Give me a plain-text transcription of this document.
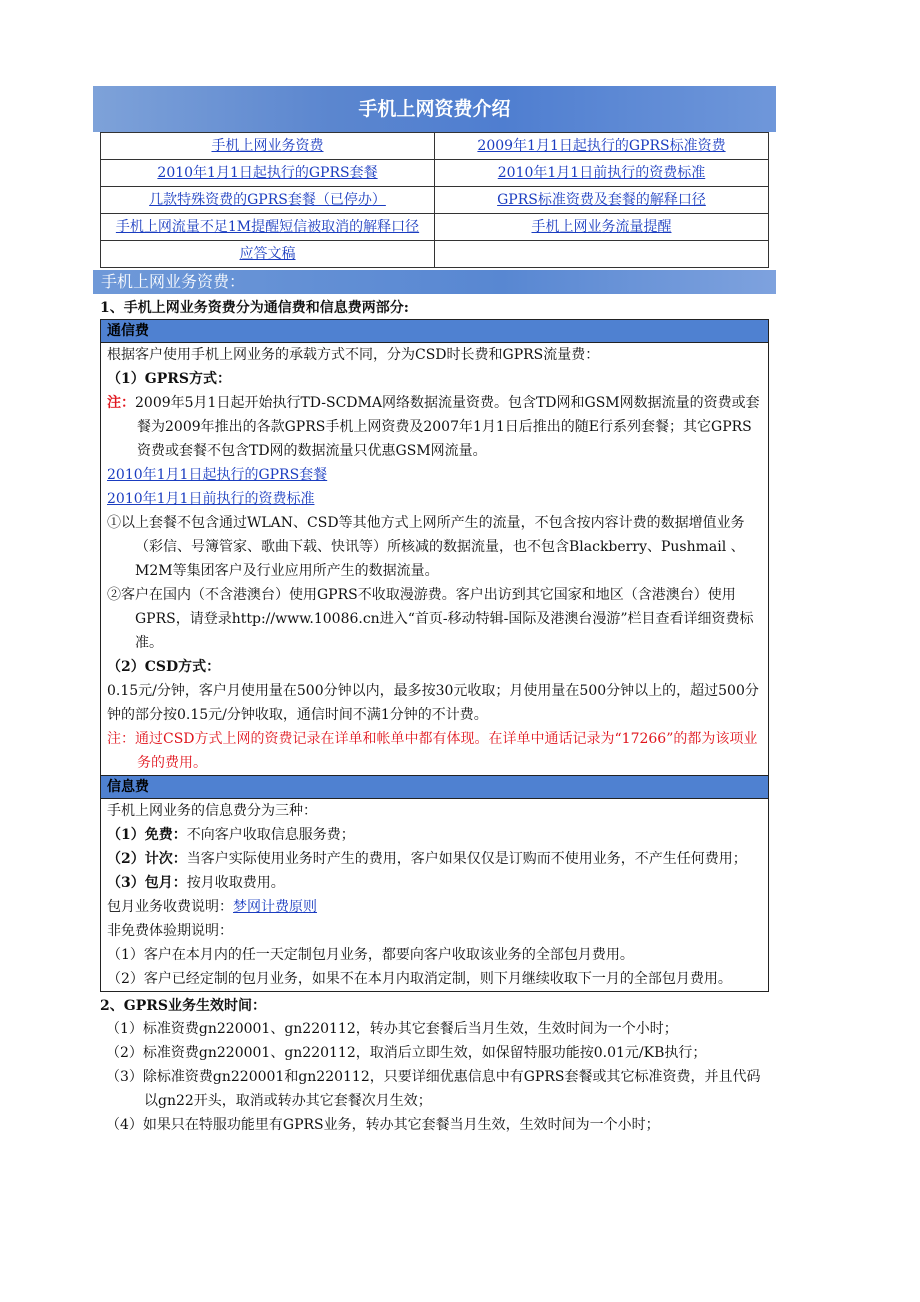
手机上网资费介绍
手机上网业务资费	2009年1月1日起执行的GPRS标准资费
2010年1月1日起执行的GPRS套餐	2010年1月1日前执行的资费标准
几款特殊资费的GPRS套餐（已停办）	GPRS标准资费及套餐的解释口径
手机上网流量不足1M提醒短信被取消的解释口径	手机上网业务流量提醒
应答文稿	
手机上网业务资费：
1、手机上网业务资费分为通信费和信息费两部分:
通信费
根据客户使用手机上网业务的承载方式不同，分为CSD时长费和GPRS流量费：
（1）GPRS方式：
注：2009年5月1日起开始执行TD-SCDMA网络数据流量资费。包含TD网和GSM网数据流量的资费或套餐为2009年推出的各款GPRS手机上网资费及2007年1月1日后推出的随E行系列套餐；其它GPRS资费或套餐不包含TD网的数据流量只优惠GSM网流量。
2010年1月1日起执行的GPRS套餐
2010年1月1日前执行的资费标准
①以上套餐不包含通过WLAN、CSD等其他方式上网所产生的流量，不包含按内容计费的数据增值业务（彩信、号簿管家、歌曲下载、快讯等）所核减的数据流量，也不包含Blackberry、Pushmail 、M2M等集团客户及行业应用所产生的数据流量。
②客户在国内（不含港澳台）使用GPRS不收取漫游费。客户出访到其它国家和地区（含港澳台）使用GPRS，请登录http://www.10086.cn进入“首页-移动特辑-国际及港澳台漫游”栏目查看详细资费标准。
（2）CSD方式：
0.15元/分钟，客户月使用量在500分钟以内，最多按30元收取；月使用量在500分钟以上的，超过500分钟的部分按0.15元/分钟收取，通信时间不满1分钟的不计费。
注：通过CSD方式上网的资费记录在详单和帐单中都有体现。在详单中通话记录为“17266”的都为该项业务的费用。
信息费
手机上网业务的信息费分为三种：
（1）免费：不向客户收取信息服务费；
（2）计次：当客户实际使用业务时产生的费用，客户如果仅仅是订购而不使用业务，不产生任何费用；
（3）包月：按月收取费用。
包月业务收费说明：梦网计费原则
非免费体验期说明：
（1）客户在本月内的任一天定制包月业务，都要向客户收取该业务的全部包月费用。
（2）客户已经定制的包月业务，如果不在本月内取消定制，则下月继续收取下一月的全部包月费用。
2、GPRS业务生效时间：
（1）标准资费gn220001、gn220112，转办其它套餐后当月生效，生效时间为一个小时；
（2）标准资费gn220001、gn220112，取消后立即生效，如保留特服功能按0.01元/KB执行；
（3）除标准资费gn220001和gn220112，只要详细优惠信息中有GPRS套餐或其它标准资费，并且代码以gn22开头，取消或转办其它套餐次月生效；
（4）如果只在特服功能里有GPRS业务，转办其它套餐当月生效，生效时间为一个小时；
